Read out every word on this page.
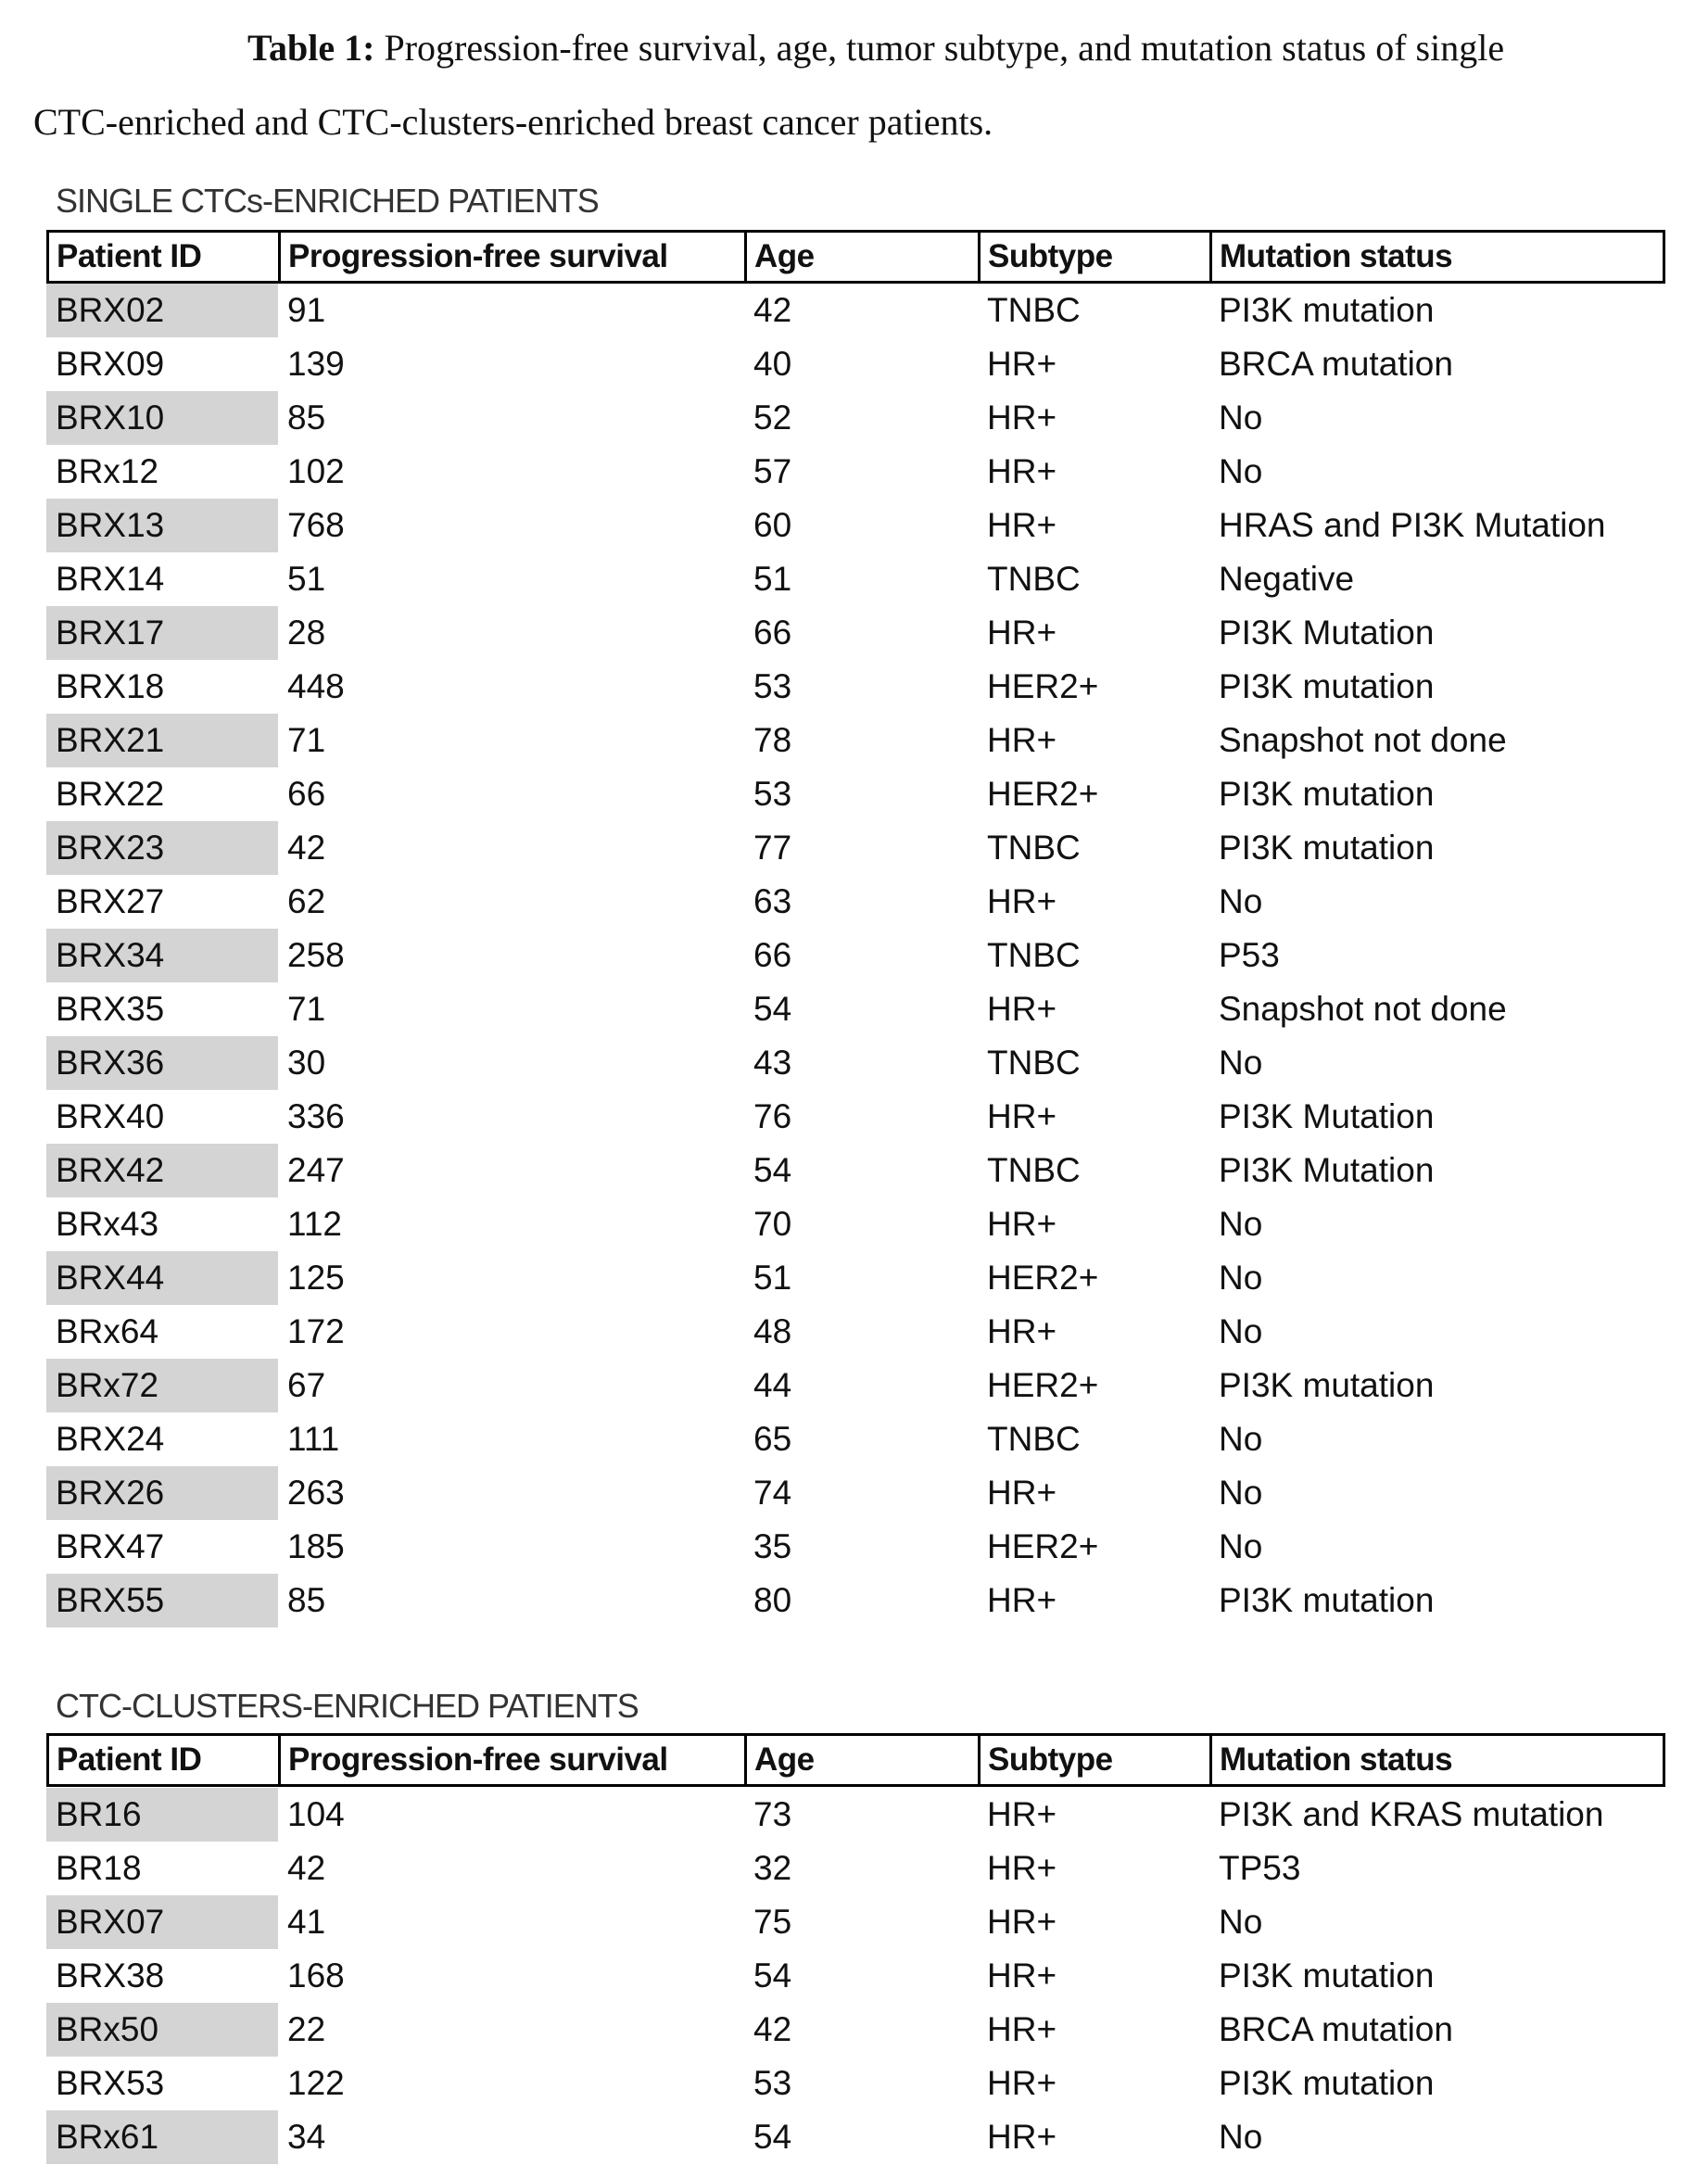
Table 1: Progression-free survival, age, tumor subtype, and mutation status of single
CTC-enriched and CTC-clusters-enriched breast cancer patients.
SINGLE CTCs-ENRICHED PATIENTS
Patient ID	Progression-free survival	Age	Subtype	Mutation status
BRX02	91	42	TNBC	PI3K mutation
BRX09	139	40	HR+	BRCA mutation
BRX10	85	52	HR+	No
BRx12	102	57	HR+	No
BRX13	768	60	HR+	HRAS and PI3K Mutation
BRX14	51	51	TNBC	Negative
BRX17	28	66	HR+	PI3K Mutation
BRX18	448	53	HER2+	PI3K mutation
BRX21	71	78	HR+	Snapshot not done
BRX22	66	53	HER2+	PI3K mutation
BRX23	42	77	TNBC	PI3K mutation
BRX27	62	63	HR+	No
BRX34	258	66	TNBC	P53
BRX35	71	54	HR+	Snapshot not done
BRX36	30	43	TNBC	No
BRX40	336	76	HR+	PI3K Mutation
BRX42	247	54	TNBC	PI3K Mutation
BRx43	112	70	HR+	No
BRX44	125	51	HER2+	No
BRx64	172	48	HR+	No
BRx72	67	44	HER2+	PI3K mutation
BRX24	111	65	TNBC	No
BRX26	263	74	HR+	No
BRX47	185	35	HER2+	No
BRX55	85	80	HR+	PI3K mutation
CTC-CLUSTERS-ENRICHED PATIENTS
Patient ID	Progression-free survival	Age	Subtype	Mutation status
BR16	104	73	HR+	PI3K and KRAS mutation
BR18	42	32	HR+	TP53
BRX07	41	75	HR+	No
BRX38	168	54	HR+	PI3K mutation
BRx50	22	42	HR+	BRCA mutation
BRX53	122	53	HR+	PI3K mutation
BRx61	34	54	HR+	No
